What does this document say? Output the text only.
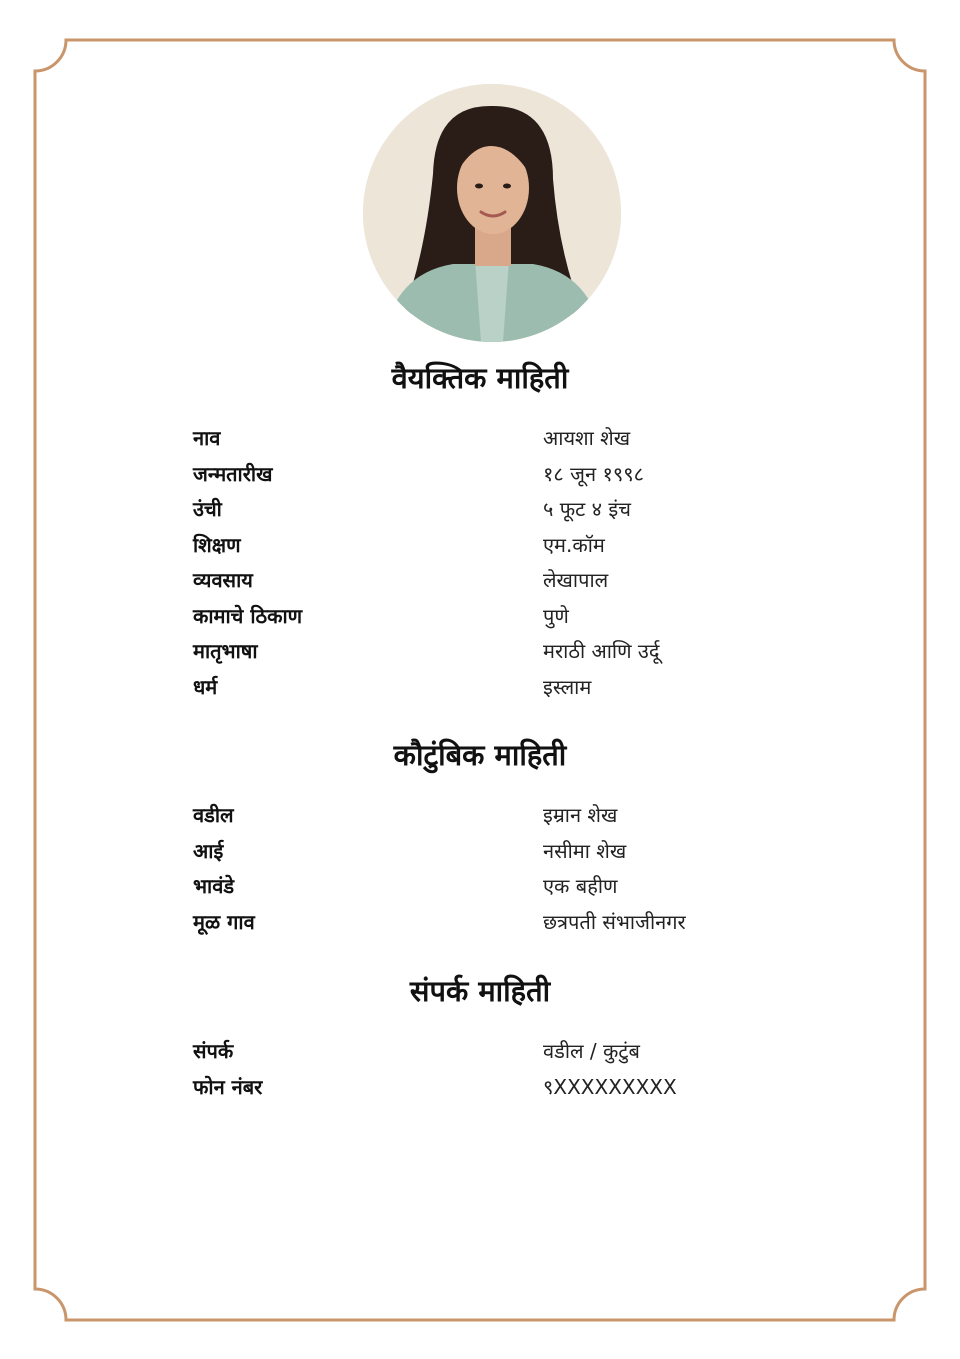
वैयक्तिक माहिती
नाव	आयशा शेख
जन्मतारीख	१८ जून १९९८
उंची	५ फूट ४ इंच
शिक्षण	एम.कॉम
व्यवसाय	लेखापाल
कामाचे ठिकाण	पुणे
मातृभाषा	मराठी आणि उर्दू
धर्म	इस्लाम
कौटुंबिक माहिती
वडील	इम्रान शेख
आई	नसीमा शेख
भावंडे	एक बहीण
मूळ गाव	छत्रपती संभाजीनगर
संपर्क माहिती
संपर्क	वडील / कुटुंब
फोन नंबर	९XXXXXXXXX
